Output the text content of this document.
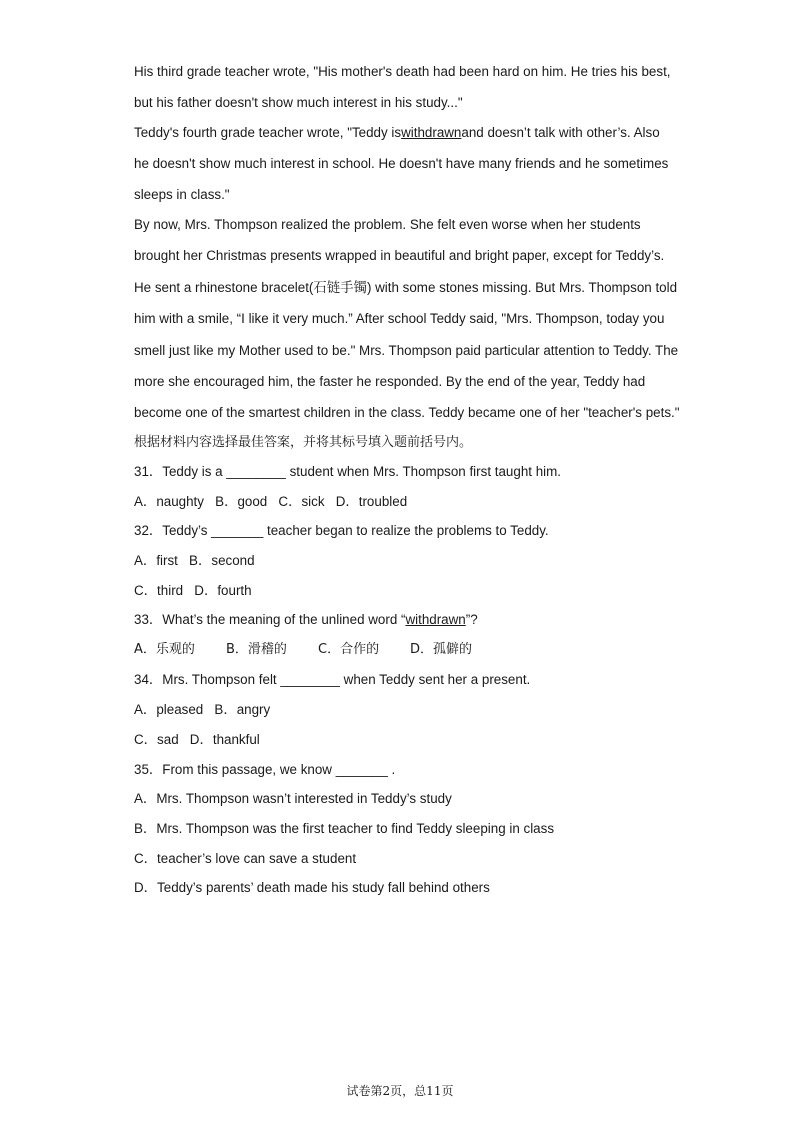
His third grade teacher wrote, "His mother's death had been hard on him. He tries his best,
but his father doesn't show much interest in his study..."
Teddy's fourth grade teacher wrote, "Teddy iswithdrawnand doesn’t talk with other’s. Also
he doesn't show much interest in school. He doesn't have many friends and he sometimes
sleeps in class."
By now, Mrs. Thompson realized the problem. She felt even worse when her students
brought her Christmas presents wrapped in beautiful and bright paper, except for Teddy’s.
He sent a rhinestone bracelet(石链手镯) with some stones missing. But Mrs. Thompson told
him with a smile, “I like it very much.” After school Teddy said, "Mrs. Thompson, today you
smell just like my Mother used to be." Mrs. Thompson paid particular attention to Teddy. The
more she encouraged him, the faster he responded. By the end of the year, Teddy had
become one of the smartest children in the class. Teddy became one of her "teacher's pets."
根据材料内容选择最佳答案，并将其标号填入题前括号内。
31．Teddy is a ________ student when Mrs. Thompson first taught him.
A．naughty   B．good   C．sick   D．troubled
32．Teddy’s _______ teacher began to realize the problems to Teddy.
A．first   B．second
C．third   D．fourth
33．What’s the meaning of the unlined word “withdrawn”?
A．乐观的 B．滑稽的 C．合作的 D．孤僻的
34．Mrs. Thompson felt ________ when Teddy sent her a present.
A．pleased   B．angry
C．sad   D．thankful
35．From this passage, we know _______ .
A．Mrs. Thompson wasn’t interested in Teddy’s study
B．Mrs. Thompson was the first teacher to find Teddy sleeping in class
C．teacher’s love can save a student
D．Teddy’s parents’ death made his study fall behind others
试卷第2页，总11页
